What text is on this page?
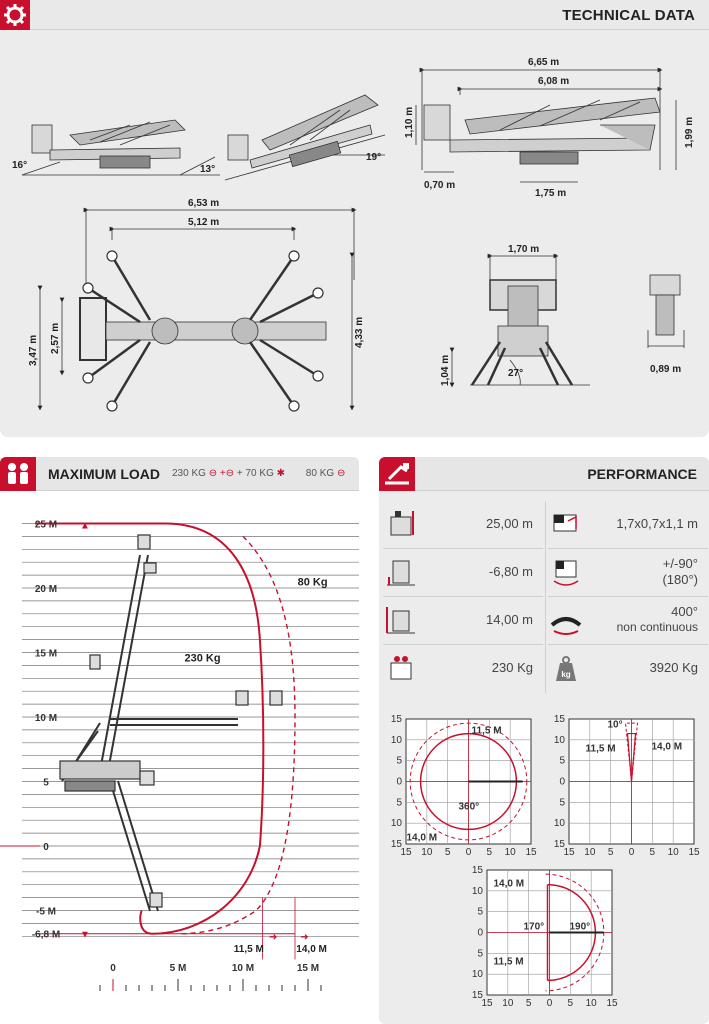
TECHNICAL DATA
16°	13°
19°
6,65 m
6,08 m
1,10 m	1,99 m
0,70 m
1,75 m
6,53 m
5,12 m
3,47 m 2,57 m	4,33 m
1,70 m
1,04 m	27°	0,89 m
MAXIMUM LOAD 230 KG ⊖ +⊖ + 70 KG ✱ 80 KG ⊖
➜ ➜
25 M
20 M
15 M
10 M
5
0
-5 M
-6,8 M
▲
▼
0	5 M	10 M	15 M
230 Kg
80 Kg
11,5 M	14,0 M
PERFORMANCE
25,00 m	1,7x0,7x1,1 m
-6,80 m
+/-90°
(180°)
14,00 m
400°
non continuous
230 Kg	kg	3920 Kg
15
15
10
10
5
5
0
0
5
5
10
10
15
15
11,5 M
14,0 M
360°
15
15
10
10
5
5
0
0
5
5
10
10
15
15
10°
11,5 M	14,0 M
15
15
10
10
5
5
0
0
5
5
10
10
15
15
14,0 M
11,5 M
170°	190°
